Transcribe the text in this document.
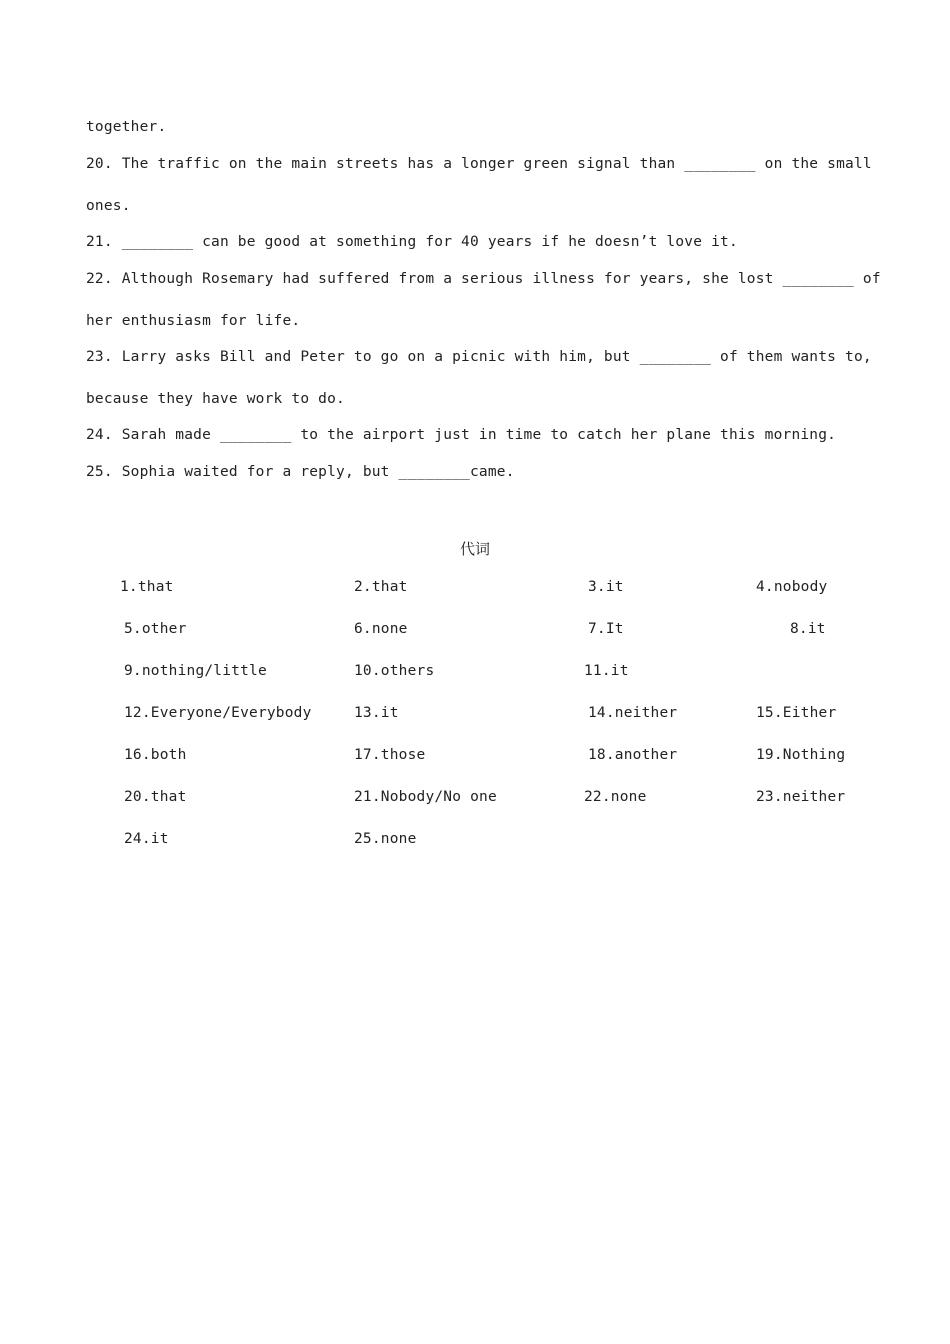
together.
20. The traffic on the main streets has a longer green signal than ________ on the small
ones.
21. ________ can be good at something for 40 years if he doesn’t love it.
22. Although Rosemary had suffered from a serious illness for years, she lost ________ of
her enthusiasm for life.
23. Larry asks Bill and Peter to go on a picnic with him, but ________ of them wants to,
because they have work to do.
24. Sarah made ________ to the airport just in time to catch her plane this morning.
25. Sophia waited for a reply, but ________came.
代词
1.that	2.that	3.it	4.nobody
5.other	6.none	7.It	8.it
9.nothing/little	10.others	11.it
12.Everyone/Everybody	13.it	14.neither	15.Either
16.both	17.those	18.another	19.Nothing
20.that	21.Nobody/No one	22.none	23.neither
24.it	25.none
